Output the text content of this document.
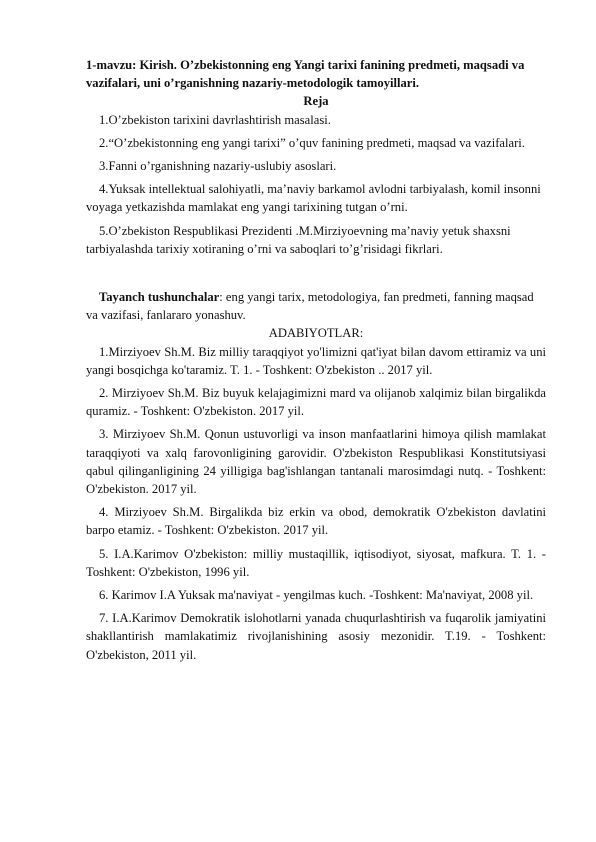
1-mavzu: Kirish. O’zbekistonning eng Yangi tarixi fanining predmeti, maqsadi va vazifalari, uni o’rganishning nazariy-metodologik tamoyillari.

Reja

1.O’zbekiston tarixini davrlashtirish masalasi.

2.“O’zbekistonning eng yangi tarixi” o’quv fanining predmeti, maqsad va vazifalari.

3.Fanni o’rganishning nazariy-uslubiy asoslari.

4.Yuksak intellektual salohiyatli, ma’naviy barkamol avlodni tarbiyalash, komil insonni voyaga yetkazishda mamlakat eng yangi tarixining tutgan o’rni.

5.O’zbekiston Respublikasi Prezidenti .M.Mirziyoevning ma’naviy yetuk shaxsni tarbiyalashda tarixiy xotiraning o’rni va saboqlari to’g’risidagi fikrlari.

Tayanch tushunchalar: eng yangi tarix, metodologiya, fan predmeti, fanning maqsad va vazifasi, fanlararo yonashuv.

ADABIYOTLAR:

1.Mirziyoev Sh.M. Biz milliy taraqqiyot yo'limizni qat'iyat bilan davom ettiramiz va uni yangi bosqichga ko'taramiz. T. 1. - Toshkent: O'zbekiston .. 2017 yil.

2. Mirziyoev Sh.M. Biz buyuk kelajagimizni mard va olijanob xalqimiz bilan birgalikda quramiz. - Toshkent: O'zbekiston. 2017 yil.

3. Mirziyoev Sh.M. Qonun ustuvorligi va inson manfaatlarini himoya qilish mamlakat taraqqiyoti va xalq farovonligining garovidir. O'zbekiston Respublikasi Konstitutsiyasi qabul qilinganligining 24 yilligiga bag'ishlangan tantanali marosimdagi nutq. - Toshkent: O'zbekiston. 2017 yil.

4. Mirziyoev Sh.M. Birgalikda biz erkin va obod, demokratik O'zbekiston davlatini barpo etamiz. - Toshkent: O'zbekiston. 2017 yil.

5. I.A.Karimov O'zbekiston: milliy mustaqillik, iqtisodiyot, siyosat, mafkura. T. 1. - Toshkent: O'zbekiston, 1996 yil.

6. Karimov I.A Yuksak ma'naviyat - yengilmas kuch. -Toshkent: Ma'naviyat, 2008 yil.

7. I.A.Karimov Demokratik islohotlarni yanada chuqurlashtirish va fuqarolik jamiyatini shakllantirish mamlakatimiz rivojlanishining asosiy mezonidir. T.19. - Toshkent: O'zbekiston, 2011 yil.
